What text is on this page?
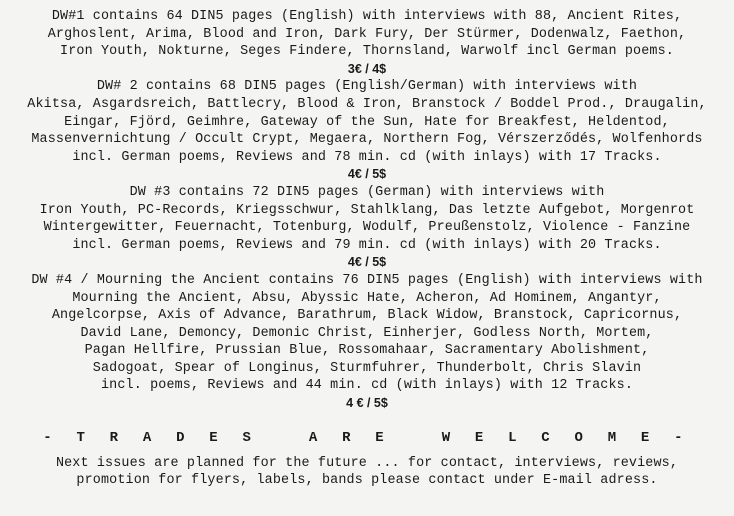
DW#1 contains 64 DIN5 pages (English) with interviews with 88, Ancient Rites,
Arghoslent, Arima, Blood and Iron, Dark Fury, Der Stürmer, Dodenwalz, Faethon,
Iron Youth, Nokturne, Seges Findere, Thornsland, Warwolf incl German poems.
3€ / 4$
DW# 2 contains 68 DIN5 pages (English/German) with interviews with
Akitsa, Asgardsreich, Battlecry, Blood & Iron, Branstock / Boddel Prod., Draugalin,
Eingar, Fjörd, Geimhre, Gateway of the Sun, Hate for Breakfest, Heldentod,
Massenvernichtung / Occult Crypt, Megaera, Northern Fog, Vérszerződés, Wolfenhords
incl. German poems, Reviews and 78 min. cd (with inlays) with 17 Tracks.
4€ / 5$
DW #3 contains 72 DIN5 pages (German) with interviews with
Iron Youth, PC-Records, Kriegsschwur, Stahlklang, Das letzte Aufgebot, Morgenrot
Wintergewitter, Feuernacht, Totenburg, Wodulf, Preußenstolz, Violence - Fanzine
incl. German poems, Reviews and 79 min. cd (with inlays) with 20 Tracks.
4€ / 5$
DW #4 / Mourning the Ancient contains 76 DIN5 pages (English) with interviews with
Mourning the Ancient, Absu, Abyssic Hate, Acheron, Ad Hominem, Angantyr,
Angelcorpse, Axis of Advance, Barathrum, Black Widow, Branstock, Capricornus,
David Lane, Demoncy, Demonic Christ, Einherjer, Godless North, Mortem,
Pagan Hellfire, Prussian Blue, Rossomahaar, Sacramentary Abolishment,
Sadogoat, Spear of Longinus, Sturmfuhrer, Thunderbolt, Chris Slavin
incl. poems, Reviews and 44 min. cd (with inlays) with 12 Tracks.
4 € / 5$
- T R A D E S   A R E   W E L C O M E -
Next issues are planned for the future ... for contact, interviews, reviews,
promotion for flyers, labels, bands please contact under E-mail adress.
